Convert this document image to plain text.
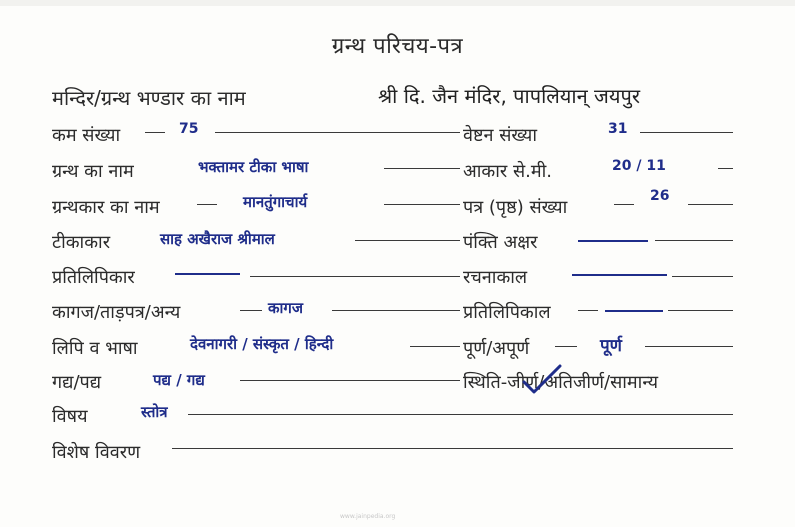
ग्रन्थ परिचय-पत्र
मन्दिर/ग्रन्थ भण्डार का नाम	श्री दि. जैन मंदिर, पापलियान् जयपुर
कम संख्या
ग्रन्थ का नाम
ग्रन्थकार का नाम
टीकाकार
प्रतिलिपिकार
कागज/ताड़पत्र/अन्य
लिपि व भाषा
गद्य/पद्य
विषय
विशेष विवरण
75
भक्तामर टीका भाषा
मानतुंगाचार्य
साह अखैराज श्रीमाल
कागज
देवनागरी / संस्कृत / हिन्दी
पद्य / गद्य
स्तोत्र
वेष्टन संख्या
आकार से.मी.
पत्र (पृष्ठ) संख्या
पंक्ति अक्षर
रचनाकाल
प्रतिलिपिकाल
पूर्ण/अपूर्ण
स्थिति-जीर्ण/अतिजीर्ण/सामान्य
31
20 / 11
26
पूर्ण
www.jainpedia.org
